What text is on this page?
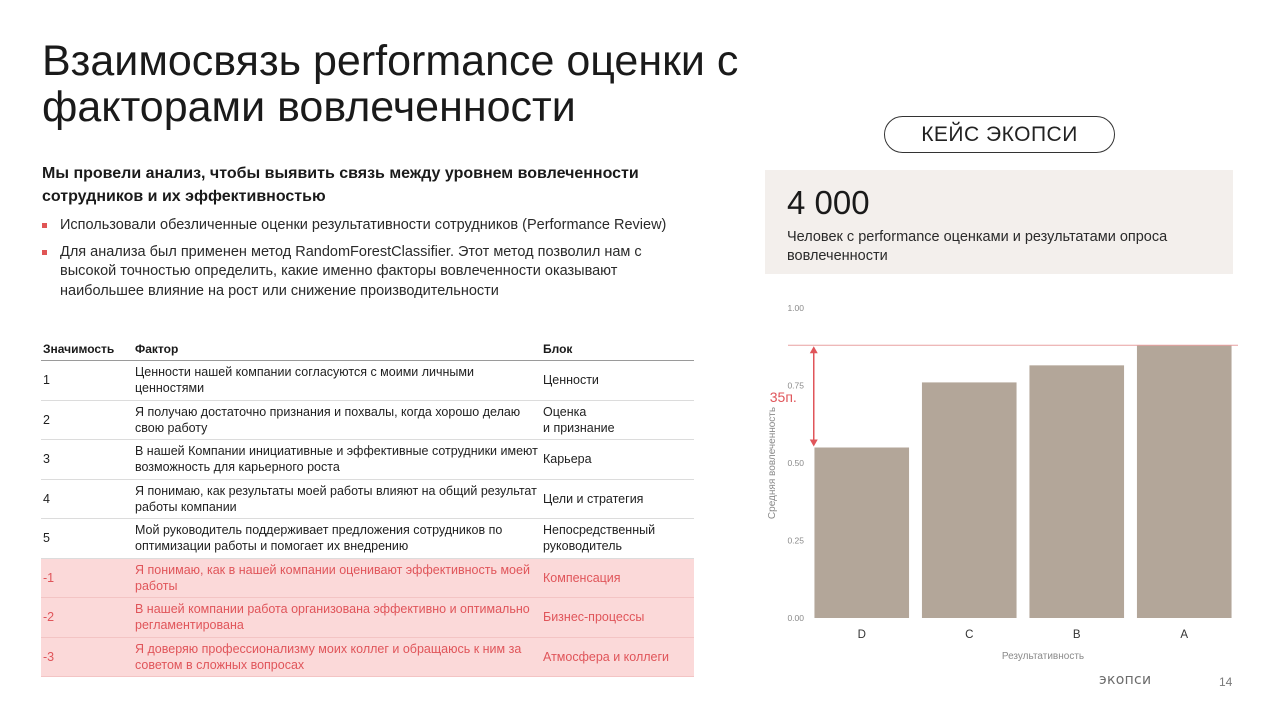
Взаимосвязь performance оценки с факторами вовлеченности
КЕЙС ЭКОПСИ
Мы провели анализ, чтобы выявить связь между уровнем вовлеченности сотрудников и их эффективностью
Использовали обезличенные оценки результативности сотрудников (Performance Review)
Для анализа был применен метод RandomForestClassifier. Этот метод позволил нам с высокой точностью определить, какие именно факторы вовлеченности оказывают наибольшее влияние на рост или снижение производительности
Значимость	Фактор	Блок
1	Ценности нашей компании согласуются с моими личными ценностями	Ценности
2	Я получаю достаточно признания и похвалы, когда хорошо делаю свою работу	Оценка
и признание
3	В нашей Компании инициативные и эффективные сотрудники имеют возможность для карьерного роста	Карьера
4	Я понимаю, как результаты моей работы влияют на общий результат работы компании	Цели и стратегия
5	Мой руководитель поддерживает предложения сотрудников по оптимизации работы и помогает их внедрению	Непосредственный руководитель
-1	Я понимаю, как в нашей компании оценивают эффективность моей работы	Компенсация
-2	В нашей компании работа организована эффективно и оптимально регламентирована	Бизнес-процессы
-3	Я доверяю профессионализму моих коллег и обращаюсь к ним за советом в сложных вопросах	Атмосфера и коллеги
4 000
Человек с performance оценками и результатами опроса вовлеченности
0.00
0.25
0.50
0.75
1.00
Средняя вовлеченность
D	C	B	A
Результативность
35п.
экопси	14
